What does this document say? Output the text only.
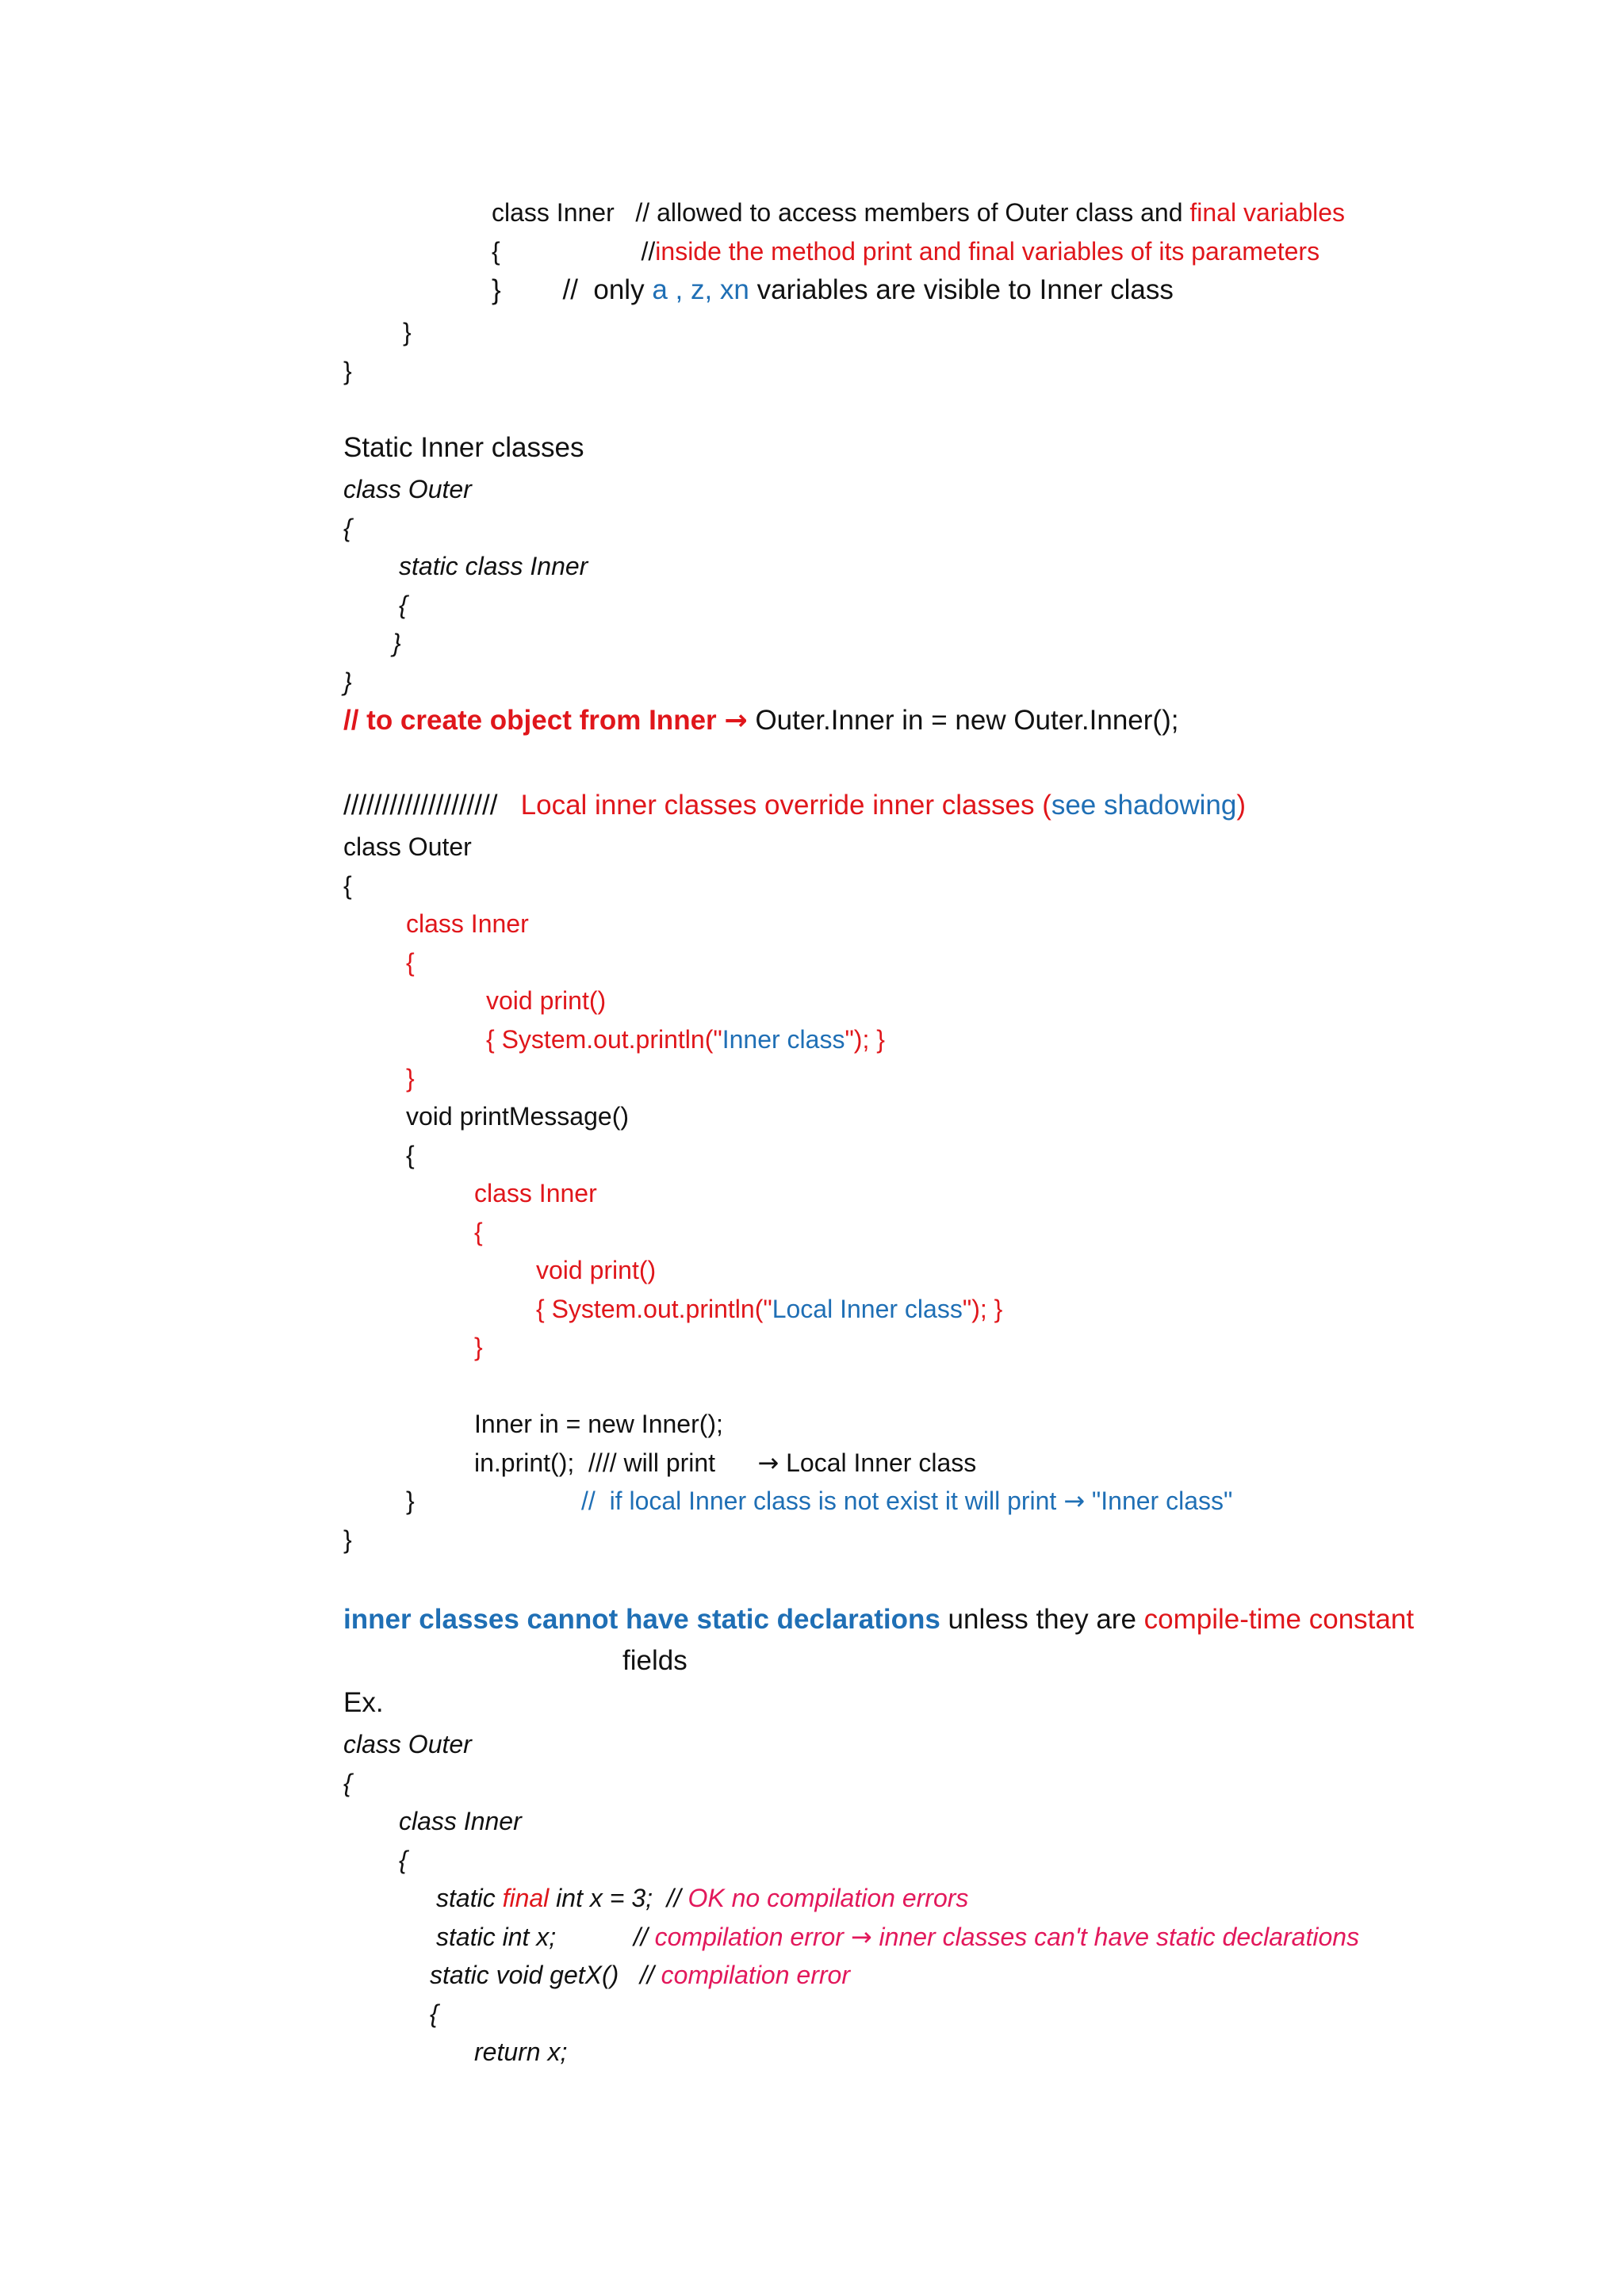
class Inner   // allowed to access members of Outer class and final variables
{                    //inside the method print and final variables of its parameters
}        //  only a , z, xn variables are visible to Inner class
}
}
Static Inner classes
class Outer
{
static class Inner
{
}
}
// to create object from Inner → Outer.Inner in = new Outer.Inner();
////////////////////   Local inner classes override inner classes (see shadowing)
class Outer
{
class Inner
{
void print()
{ System.out.println("Inner class"); }
}
void printMessage()
{
class Inner
{
void print()
{ System.out.println("Local Inner class"); }
}
Inner in = new Inner();
in.print();  //// will print      → Local Inner class
}	//  if local Inner class is not exist it will print → "Inner class"
}
inner classes cannot have static declarations unless they are compile-time constant
fields
Ex.
class Outer
{
class Inner
{
static final int x = 3;  // OK no compilation errors
static int x;           // compilation error → inner classes can't have static declarations
static void getX()   // compilation error
{
return x;
